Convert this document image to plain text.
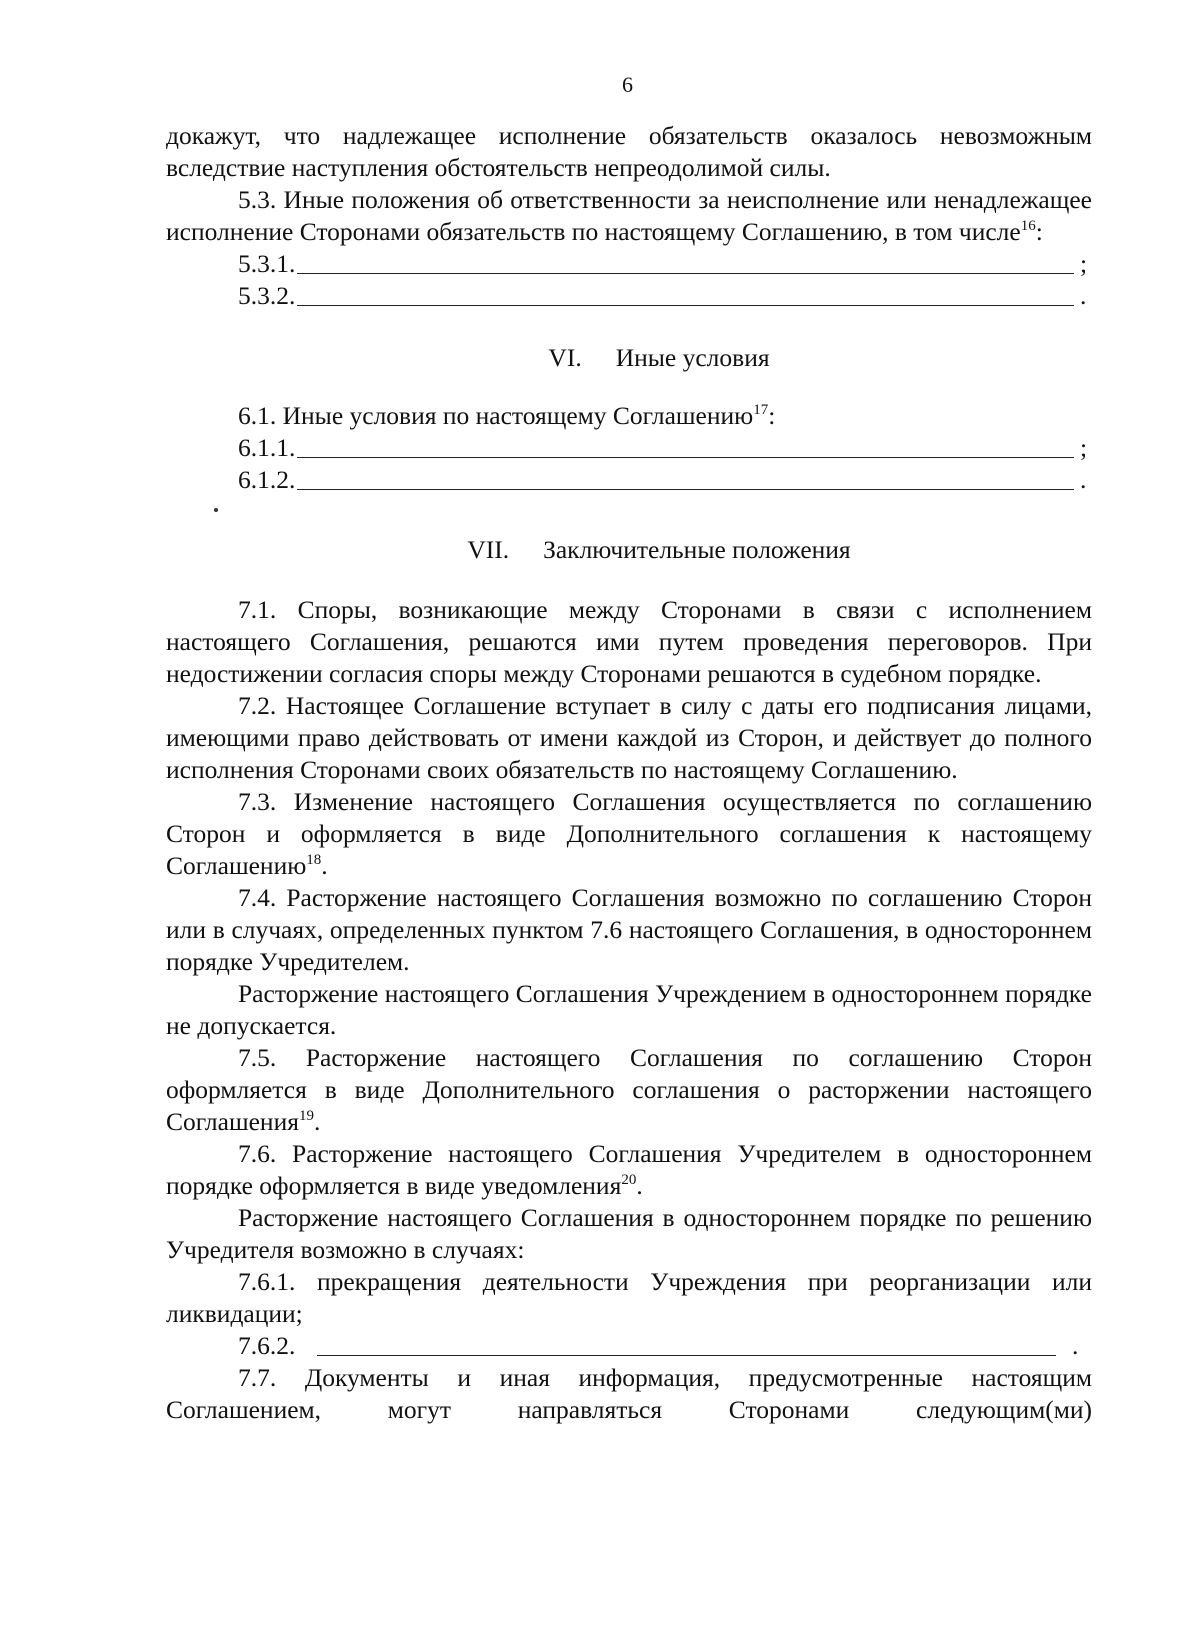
6

докажут, что надлежащее исполнение обязательств оказалось невозможным вследствие наступления обстоятельств непреодолимой силы.

5.3. Иные положения об ответственности за неисполнение или ненадлежащее исполнение Сторонами обязательств по настоящему Соглашению, в том числе$^{16}$:

5.3.1.	;
5.3.2.	.

VI. Иные условия

6.1. Иные условия по настоящему Соглашению$^{17}$:

6.1.1.	;
6.1.2.	.

VII. Заключительные положения

7.1. Споры, возникающие между Сторонами в связи с исполнением настоящего Соглашения, решаются ими путем проведения переговоров. При недостижении согласия споры между Сторонами решаются в судебном порядке.

7.2. Настоящее Соглашение вступает в силу с даты его подписания лицами, имеющими право действовать от имени каждой из Сторон, и действует до полного исполнения Сторонами своих обязательств по настоящему Соглашению.

7.3. Изменение настоящего Соглашения осуществляется по соглашению Сторон и оформляется в виде Дополнительного соглашения к настоящему Соглашению$^{18}$.

7.4. Расторжение настоящего Соглашения возможно по соглашению Сторон или в случаях, определенных пунктом 7.6 настоящего Соглашения, в одностороннем порядке Учредителем.

Расторжение настоящего Соглашения Учреждением в одностороннем порядке не допускается.

7.5. Расторжение настоящего Соглашения по соглашению Сторон оформляется в виде Дополнительного соглашения о расторжении настоящего Соглашения$^{19}$.

7.6. Расторжение настоящего Соглашения Учредителем в одностороннем порядке оформляется в виде уведомления$^{20}$.

Расторжение настоящего Соглашения в одностороннем порядке по решению Учредителя возможно в случаях:

7.6.1. прекращения деятельности Учреждения при реорганизации или ликвидации;

7.6.2.	.

7.7. Документы и иная информация, предусмотренные настоящим Соглашением, могут направляться Сторонами следующим(ми)
